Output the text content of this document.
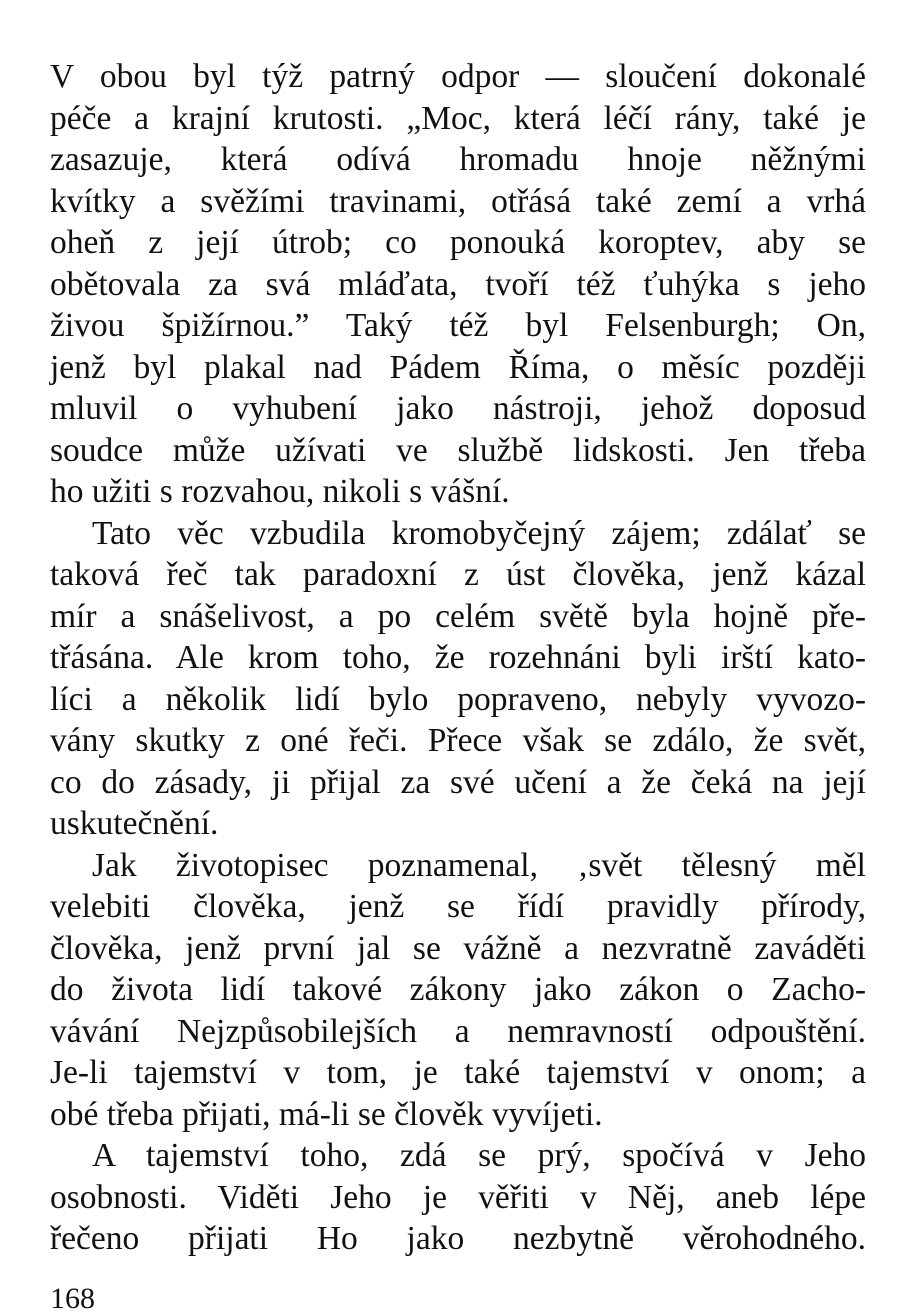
V obou byl týž patrný odpor — sloučení dokonalé
péče a krajní krutosti. „Moc, která léčí rány, také je
zasazuje, která odívá hromadu hnoje něžnými
kvítky a svěžími travinami, otřásá také zemí a vrhá
oheň z její útrob; co ponouká koroptev, aby se
obětovala za svá mláďata, tvoří též ťuhýka s jeho
živou špižírnou.” Taký též byl Felsenburgh; On,
jenž byl plakal nad Pádem Říma, o měsíc později
mluvil o vyhubení jako nástroji, jehož doposud
soudce může užívati ve službě lidskosti. Jen třeba
ho užiti s rozvahou, nikoli s vášní.
Tato věc vzbudila kromobyčejný zájem; zdálať se
taková řeč tak paradoxní z úst člověka, jenž kázal
mír a snášelivost, a po celém světě byla hojně pře-
třásána. Ale krom toho, že rozehnáni byli irští kato-
líci a několik lidí bylo popraveno, nebyly vyvozo-
vány skutky z oné řeči. Přece však se zdálo, že svět,
co do zásady, ji přijal za své učení a že čeká na její
uskutečnění.
Jak životopisec poznamenal, ‚svět tělesný měl
velebiti člověka, jenž se řídí pravidly přírody,
člověka, jenž první jal se vážně a nezvratně zaváděti
do života lidí takové zákony jako zákon o Zacho-
vávání Nejzpůsobilejších a nemravností odpouštění.
Je-li tajemství v tom, je také tajemství v onom; a
obé třeba přijati, má-li se člověk vyvíjeti.
A tajemství toho, zdá se prý, spočívá v Jeho
osobnosti. Viděti Jeho je věřiti v Něj, aneb lépe
řečeno přijati Ho jako nezbytně věrohodného.
168
